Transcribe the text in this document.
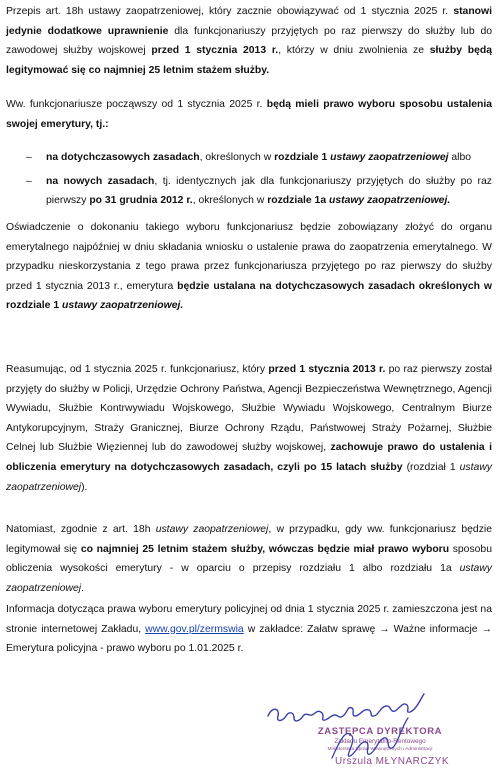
Przepis art. 18h ustawy zaopatrzeniowej, który zacznie obowiązywać od 1 stycznia 2025 r. stanowi jedynie dodatkowe uprawnienie dla funkcjonariuszy przyjętych po raz pierwszy do służby lub do zawodowej służby wojskowej przed 1 stycznia 2013 r., którzy w dniu zwolnienia ze służby będą legitymować się co najmniej 25 letnim stażem służby.

Ww. funkcjonariusze począwszy od 1 stycznia 2025 r. będą mieli prawo wyboru sposobu ustalenia swojej emerytury, tj.:

– na dotychczasowych zasadach, określonych w rozdziale 1 ustawy zaopatrzeniowej albo
– na nowych zasadach, tj. identycznych jak dla funkcjonariuszy przyjętych do służby po raz pierwszy po 31 grudnia 2012 r., określonych w rozdziale 1a ustawy zaopatrzeniowej.

Oświadczenie o dokonaniu takiego wyboru funkcjonariusz będzie zobowiązany złożyć do organu emerytalnego najpóźniej w dniu składania wniosku o ustalenie prawa do zaopatrzenia emerytalnego. W przypadku nieskorzystania z tego prawa przez funkcjonariusza przyjętego po raz pierwszy do służby przed 1 stycznia 2013 r., emerytura będzie ustalana na dotychczasowych zasadach określonych w rozdziale 1 ustawy zaopatrzeniowej.

Reasumując, od 1 stycznia 2025 r. funkcjonariusz, który przed 1 stycznia 2013 r. po raz pierwszy został przyjęty do służby w Policji, Urzędzie Ochrony Państwa, Agencji Bezpieczeństwa Wewnętrznego, Agencji Wywiadu, Służbie Kontrwywiadu Wojskowego, Służbie Wywiadu Wojskowego, Centralnym Biurze Antykorupcyjnym, Straży Granicznej, Biurze Ochrony Rządu, Państwowej Straży Pożarnej, Służbie Celnej lub Służbie Więziennej lub do zawodowej służby wojskowej, zachowuje prawo do ustalenia i obliczenia emerytury na dotychczasowych zasadach, czyli po 15 latach służby (rozdział 1 ustawy zaopatrzeniowej).

Natomiast, zgodnie z art. 18h ustawy zaopatrzeniowej, w przypadku, gdy ww. funkcjonariusz będzie legitymował się co najmniej 25 letnim stażem służby, wówczas będzie miał prawo wyboru sposobu obliczenia wysokości emerytury - w oparciu o przepisy rozdziału 1 albo rozdziału 1a ustawy zaopatrzeniowej.

Informacja dotycząca prawa wyboru emerytury policyjnej od dnia 1 stycznia 2025 r. zamieszczona jest na stronie internetowej Zakładu, www.gov.pl/zermswia w zakładce: Załatw sprawę → Ważne informacje → Emerytura policyjna - prawo wyboru po 1.01.2025 r.

ZASTĘPCA DYREKTORA
Zakładu Emerytalno-Rentowego
Ministerstwa Spraw Wewnętrznych i Administracji
Urszula MŁYNARCZYK
